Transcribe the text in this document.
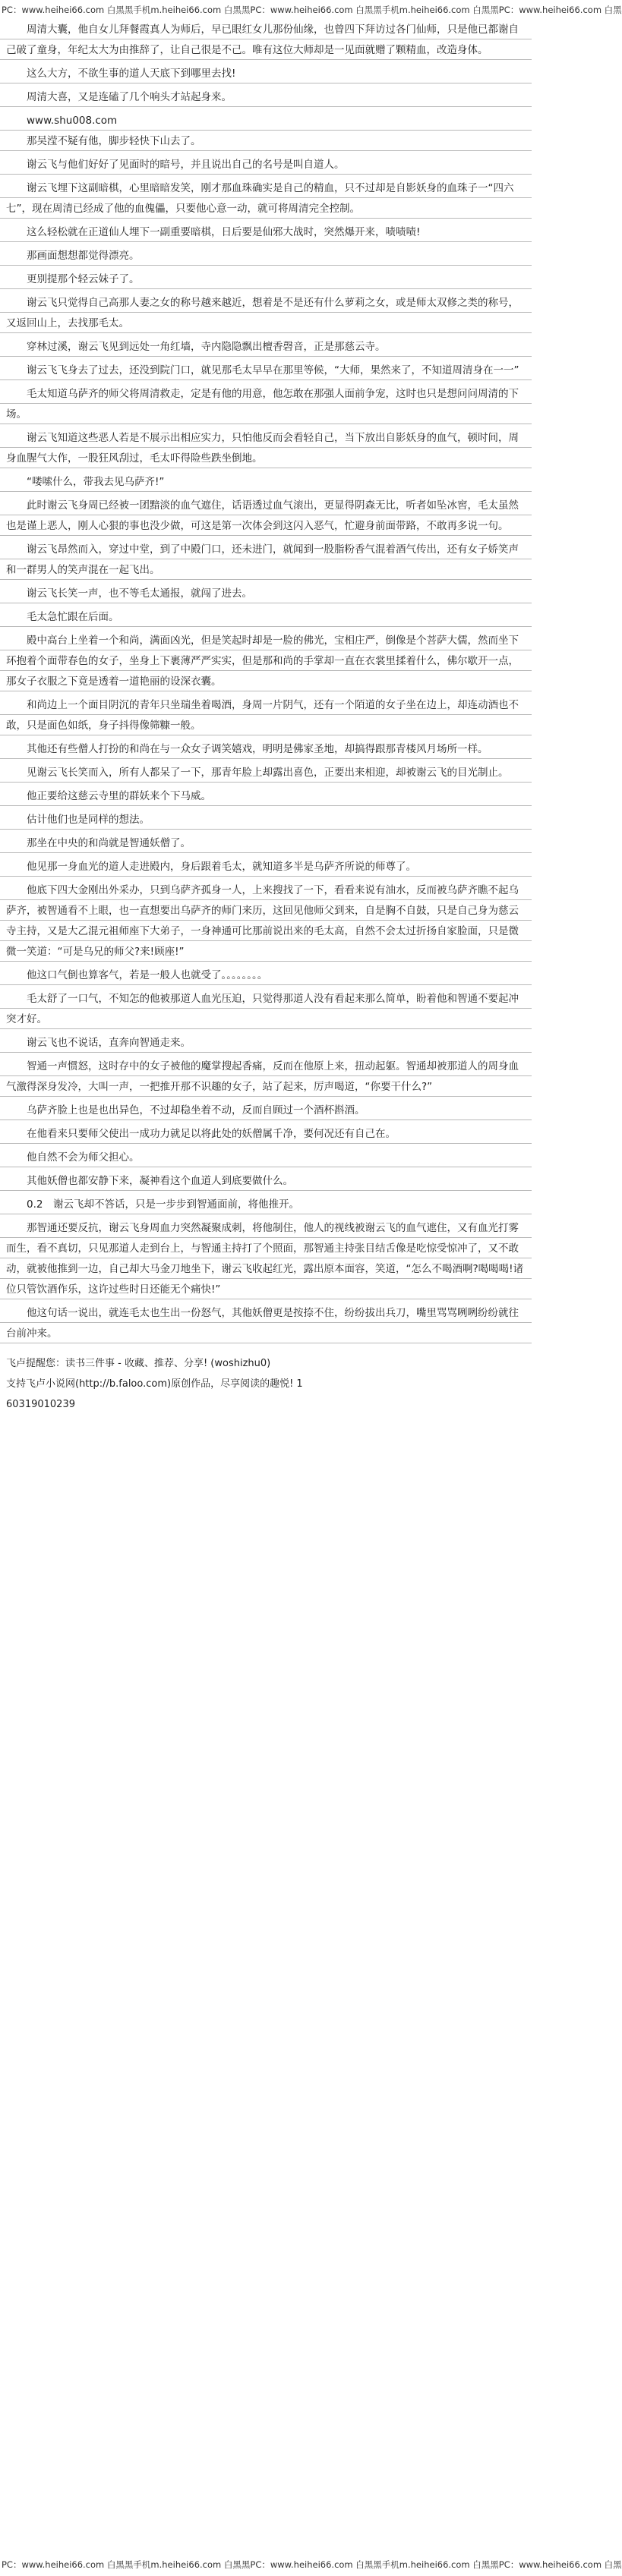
PC：www.heihei66.com 白黑黑手机m.heihei66.com 白黑黑PC：www.heihei66.com 白黑黑手机m.heihei66.com 白黑黑PC：www.heihei66.com 白黑
　　周清大囊，他自女儿拜餐霞真人为师后，早已眼红女儿那份仙缘，也曾四下拜访过各门仙师，只是他已都谢自己破了童身，年纪太大为由推辞了，让自己很是不己。唯有这位大师却是一见面就赠了颗精血，改造身体。
　　这么大方，不欲生事的道人天底下到哪里去找!
　　周清大喜，又是连磕了几个响头才站起身来。
　　www.shu008.com
　　那吴滢不疑有他，脚步轻快下山去了。
　　谢云飞与他们好好了见面时的暗号，并且说出自己的名号是叫自道人。
　　谢云飞埋下这副暗棋，心里暗暗发笑，刚才那血珠确实是自己的精血，只不过却是自影妖身的血珠子一“四六七”，现在周清已经成了他的血傀儡，只要他心意一动，就可将周清完全控制。
　　这么轻松就在正道仙人埋下一副重要暗棋，日后要是仙邪大战时，突然爆开来，啧啧啧!
　　那画面想想都觉得漂亮。
　　更别提那个轻云妹子了。
　　谢云飞只觉得自己高那人妻之女的称号越来越近，想着是不是还有什么萝莉之女，或是师太双修之类的称号，又返回山上，去找那毛太。
　　穿林过溪，谢云飞见到远处一角红墙，寺内隐隐飘出檀香磬音，正是那慈云寺。
　　谢云飞飞身去了过去，还没到院门口，就见那毛太早早在那里等候，“大师，果然来了，不知道周清身在一一”
　　毛太知道乌萨齐的师父将周清救走，定是有他的用意，他怎敢在那强人面前争宠，这时也只是想问问周清的下场。
　　谢云飞知道这些恶人若是不展示出相应实力，只怕他反而会看轻自己，当下放出自影妖身的血气，顿时间，周身血腥气大作，一股狂风刮过，毛太吓得险些跌坐倒地。
　　“喽嗦什么，带我去见乌萨齐!”
　　此时谢云飞身周已经被一团黯淡的血气遮住，话语透过血气滚出，更显得阴森无比，听者如坠冰窖，毛太虽然也是谨上恶人，刚人心狠的事也没少做，可这是第一次体会到这闪入恶气，忙避身前面带路，不敢再多说一句。
　　谢云飞昂然而入，穿过中堂，到了中殿门口，还未进门，就闻到一股脂粉香气混着酒气传出，还有女子娇笑声和一群男人的笑声混在一起飞出。
　　谢云飞长笑一声，也不等毛太通报，就闯了进去。
　　毛太急忙跟在后面。
　　殿中高台上坐着一个和尚，满面凶光，但是笑起时却是一脸的佛光，宝相庄严，倒像是个菩萨大儒，然而坐下环抱着个面带春色的女子，坐身上下裹薄严严实实，但是那和尚的手掌却一直在衣裳里揉着什么，佛尔歇开一点，那女子衣服之下竟是透着一道艳丽的设深衣囊。
　　和尚边上一个面目阴沉的青年只坐瑞坐着喝酒，身周一片阴气，还有一个陌道的女子坐在边上，却连动酒也不敢，只是面色如纸，身子抖得像筛糠一般。
　　其他还有些僧人打扮的和尚在与一众女子调笑嬉戏，明明是佛家圣地，却搞得跟那青楼风月场所一样。
　　见谢云飞长笑而入，所有人都呆了一下，那青年脸上却露出喜色，正要出来相迎，却被谢云飞的目光制止。
　　他正要给这慈云寺里的群妖来个下马威。
　　估计他们也是同样的想法。
　　那坐在中央的和尚就是智通妖僧了。
　　他见那一身血光的道人走进殿内，身后跟着毛太，就知道多半是乌萨齐所说的师尊了。
　　他底下四大金刚出外采办，只到乌萨齐孤身一人，上来搜找了一下，看看来说有油水，反而被乌萨齐瞧不起乌萨齐，被智通看不上眼，也一直想要出乌萨齐的师门来历，这回见他师父到来，自是胸不自鼓，只是自己身为慈云寺主持，又是大乙混元祖师座下大弟子，一身神通可比那前说出来的毛太高，自然不会太过折扬自家脸面，只是微微一笑道：“可是乌兄的师父?来!顾座!”
　　他这口气倒也算客气，若是一般人也就受了。。。。。。。。
　　毛太舒了一口气，不知怎的他被那道人血光压迫，只觉得那道人没有看起来那么简单，盼着他和智通不要起冲突才好。
　　谢云飞也不说话，直奔向智通走来。
　　智通一声惯怒，这时存中的女子被他的魔掌搜起香痛，反而在他原上来，扭动起躯。智通却被那道人的周身血气激得深身发冷，大叫一声，一把推开那不识趣的女子，站了起来，厉声喝道，“你要干什么?”
　　乌萨齐脸上也是也出异色，不过却稳坐着不动，反而自顾过一个酒杯斟酒。
　　在他看来只要师父使出一成功力就足以将此处的妖僧属千净，要何况还有自己在。
　　他自然不会为师父担心。
　　其他妖僧也都安静下来，凝神看这个血道人到底要做什么。
　　0.2　谢云飞却不答话，只是一步步到智通面前，将他推开。
　　那智通还要反抗，谢云飞身周血力突然凝聚成刺，将他制住，他人的视线被谢云飞的血气遮住，又有血光打雾而生，看不真切，只见那道人走到台上，与智通主持打了个照面，那智通主持张目结舌像是吃惊受惊冲了，又不敢动，就被他推到一边，自己却大马金刀地坐下，谢云飞收起红光，露出原本面容，笑道，“怎么不喝酒啊?喝喝喝!诸位只管饮酒作乐，这许过些时日还能无个痛快!”
　　他这句话一说出，就连毛太也生出一份怒气，其他妖僧更是按捺不住，纷纷拔出兵刀，嘴里骂骂咧咧纷纷就往台前冲来。
飞卢提醒您：读书三件事 - 收藏、推荐、分享! (woshizhu0)
支持飞卢小说网(http://b.faloo.com)原创作品，尽享阅读的趣悦! 1
60319010239
PC：www.heihei66.com 白黑黑手机m.heihei66.com 白黑黑PC：www.heihei66.com 白黑黑手机m.heihei66.com 白黑黑PC：www.heihei66.com 白黑
